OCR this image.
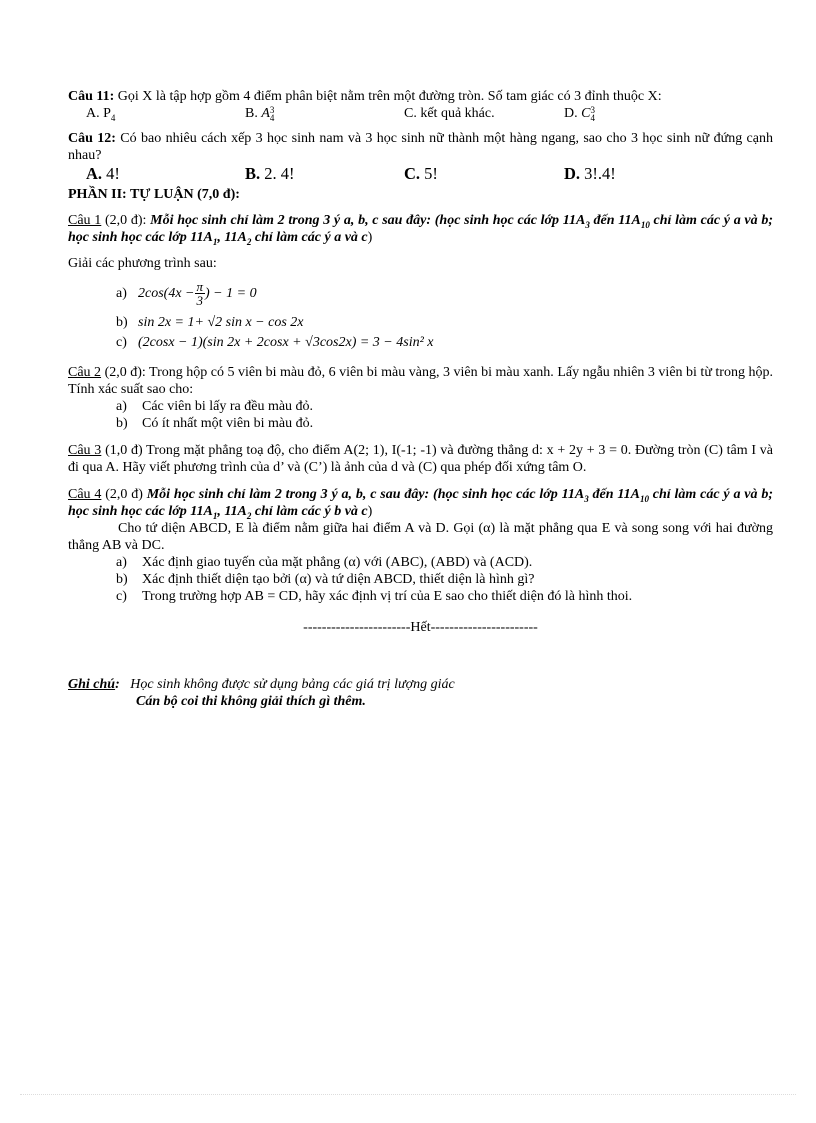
Câu 11: Gọi X là tập hợp gồm 4 điểm phân biệt nằm trên một đường tròn. Số tam giác có 3 đỉnh thuộc X:

A. $P_4$	B. A 3
4	C. kết quả khác.	D. C 3
4

Câu 12: Có bao nhiêu cách xếp 3 học sinh nam và 3 học sinh nữ thành một hàng ngang, sao cho 3 học sinh nữ đứng cạnh nhau?

A. 4!	B. 2. 4!	C. 5!	D. 3!.4!

PHẦN II: TỰ LUẬN (7,0 đ):

Câu 1 (2,0 đ): Mỗi học sinh chỉ làm 2 trong 3 ý a, b, c sau đây: (học sinh học các lớp $11A_3$ đến $11A_{10}$ chỉ làm các ý a và b; học sinh học các lớp $11A_1$, $11A_2$ chỉ làm các ý a và c)

Giải các phương trình sau:

a) $2\cos(4x - \frac{\pi}{3}$ ) − 1 = 0
b) sin 2x = 1+ √2 sin x − cos 2x
c) (2cosx − 1)(sin 2x + 2cosx + √3cos2x) = 3 − 4sin² x

Câu 2 (2,0 đ): Trong hộp có 5 viên bi màu đỏ, 6 viên bi màu vàng, 3 viên bi màu xanh. Lấy ngẫu nhiên 3 viên bi từ trong hộp. Tính xác suất sao cho:

a)	Các viên bi lấy ra đều màu đỏ.
b)	Có ít nhất một viên bi màu đỏ.

Câu 3 (1,0 đ) Trong mặt phẳng toạ độ, cho điểm A(2; 1), I(-1; -1) và đường thẳng d: x + 2y + 3 = 0. Đường tròn (C) tâm I và đi qua A. Hãy viết phương trình của d’ và (C’) là ảnh của d và (C) qua phép đối xứng tâm O.

Câu 4 (2,0 đ) Mỗi học sinh chỉ làm 2 trong 3 ý a, b, c sau đây: (học sinh học các lớp $11A_3$ đến $11A_{10}$ chỉ làm các ý a và b; học sinh học các lớp $11A_1$, $11A_2$ chỉ làm các ý b và c)

Cho tứ diện ABCD, E là điểm nằm giữa hai điểm A và D. Gọi (α) là mặt phẳng qua E và song song với hai đường thẳng AB và DC.

a)	Xác định giao tuyến của mặt phẳng (α) với (ABC), (ABD) và (ACD).
b)	Xác định thiết diện tạo bởi (α) và tứ diện ABCD, thiết diện là hình gì?
c)	Trong trường hợp AB = CD, hãy xác định vị trí của E sao cho thiết diện đó là hình thoi.

-----------------------Hết-----------------------

Ghi chú: Học sinh không được sử dụng bảng các giá trị lượng giác
Cán bộ coi thi không giải thích gì thêm.
